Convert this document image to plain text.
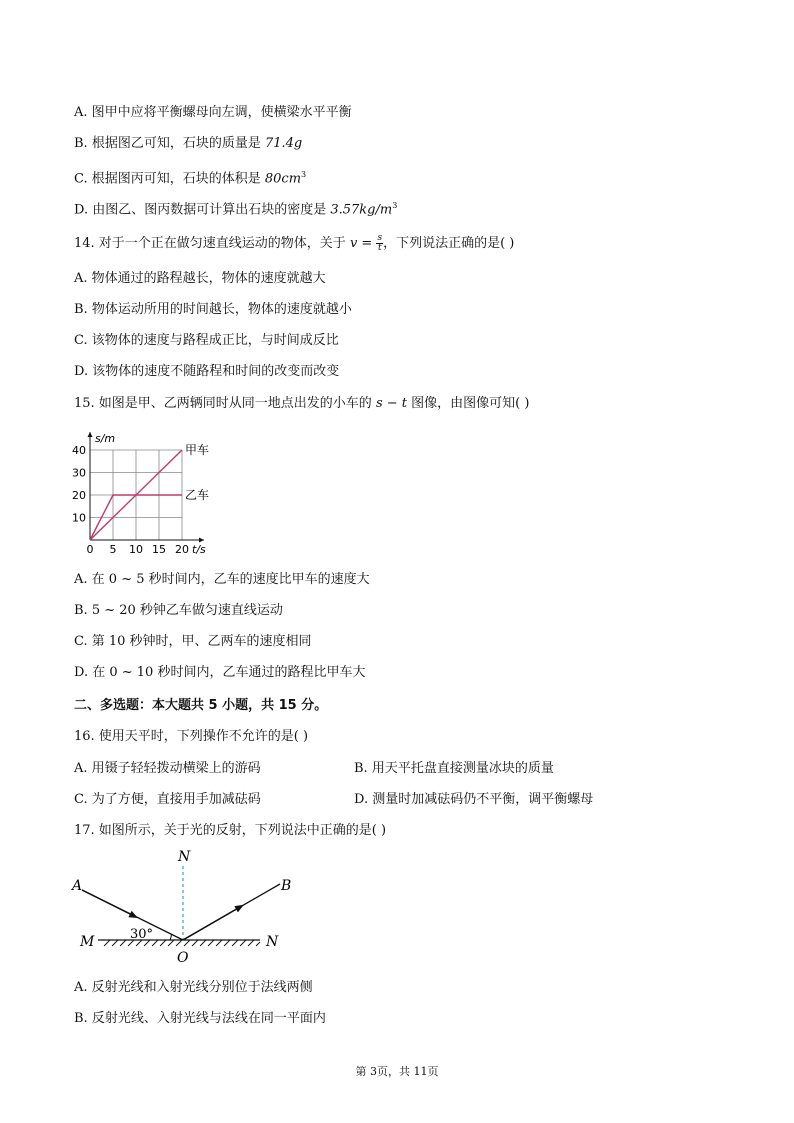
A. 图甲中应将平衡螺母向左调，使横梁水平平衡
B. 根据图乙可知，石块的质量是 71.4g
C. 根据图丙可知，石块的体积是 $80cm^3$
D. 由图乙、图丙数据可计算出石块的密度是 $3.57kg/m^3$
14. 对于一个正在做匀速直线运动的物体，关于 $v = \frac{s}{t}$ ，下列说法正确的是( )
A. 物体通过的路程越长，物体的速度就越大
B. 物体运动所用的时间越长，物体的速度就越小
C. 该物体的速度与路程成正比，与时间成反比
D. 该物体的速度不随路程和时间的改变而改变
15. 如图是甲、乙两辆同时从同一地点出发的小车的 s − t 图像，由图像可知( )
0 5 10 15 20
10
20
30
40
t/s
s/m
甲车
乙车
A. 在 0 ~ 5 秒时间内，乙车的速度比甲车的速度大
B. 5 ~ 20 秒钟乙车做匀速直线运动
C. 第 10 秒钟时，甲、乙两车的速度相同
D. 在 0 ~ 10 秒时间内，乙车通过的路程比甲车大
二、多选题：本大题共 5 小题，共 15 分。
16. 使用天平时，下列操作不允许的是( )
A. 用镊子轻轻拨动横梁上的游码	B. 用天平托盘直接测量冰块的质量
C. 为了方便，直接用手加减砝码	D. 测量时加减砝码仍不平衡，调平衡螺母
17. 如图所示，关于光的反射，下列说法中正确的是( )
N
A	B
M	N
O
30°
A. 反射光线和入射光线分别位于法线两侧
B. 反射光线、入射光线与法线在同一平面内
第 3页，共 11页
